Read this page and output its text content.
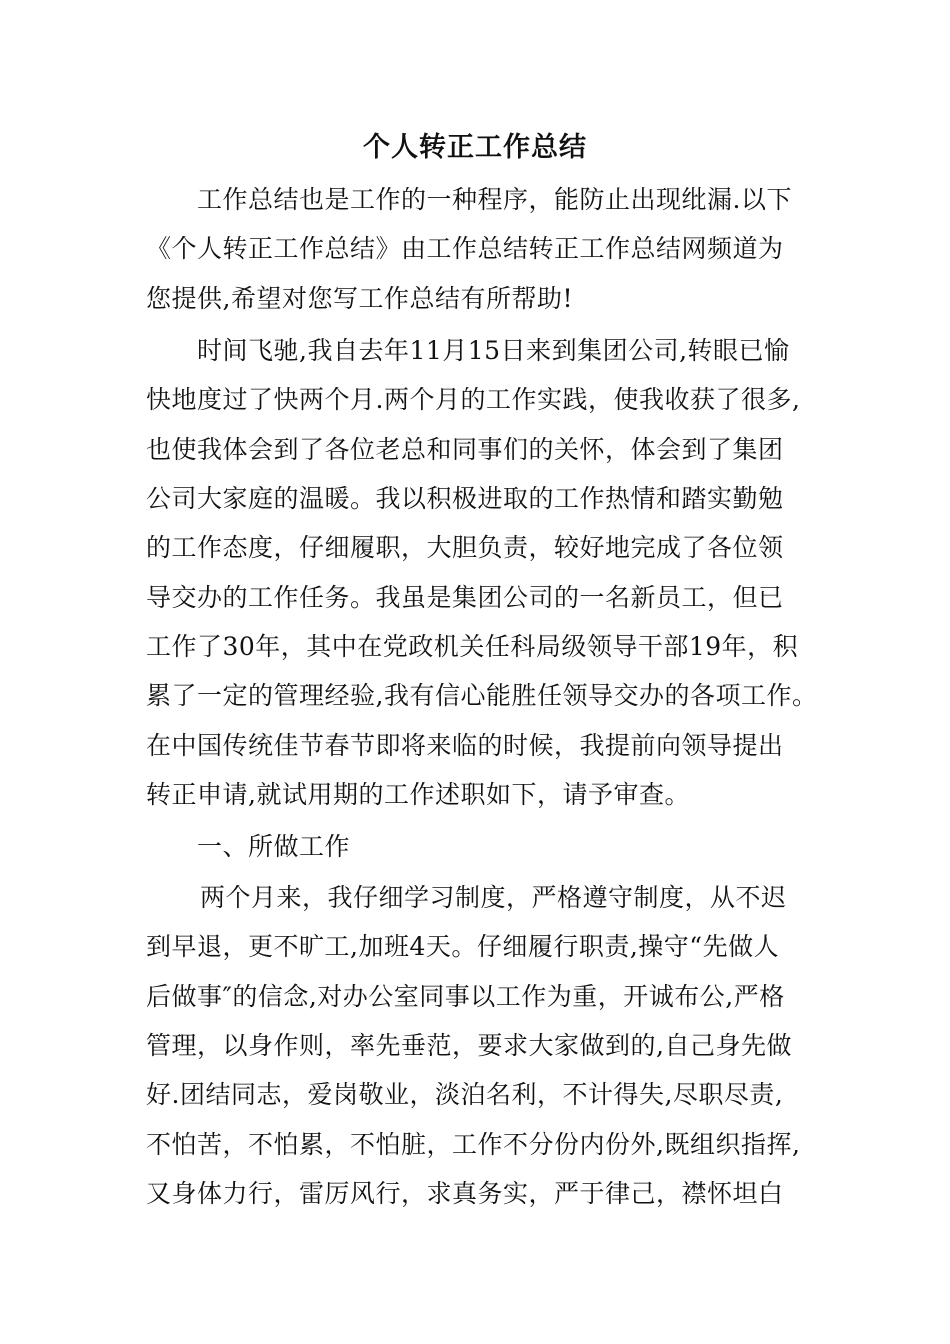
个人转正工作总结
工作总结也是工作的一种程序，能防止出现纰漏.以下
《个人转正工作总结》由工作总结转正工作总结网频道为
您提供,希望对您写工作总结有所帮助!
时间飞驰,我自去年11月15日来到集团公司,转眼已愉
快地度过了快两个月.两个月的工作实践，使我收获了很多,
也使我体会到了各位老总和同事们的关怀，体会到了集团
公司大家庭的温暖。我以积极进取的工作热情和踏实勤勉
的工作态度，仔细履职，大胆负责，较好地完成了各位领
导交办的工作任务。我虽是集团公司的一名新员工，但已
工作了30年，其中在党政机关任科局级领导干部19年，积
累了一定的管理经验,我有信心能胜任领导交办的各项工作。
在中国传统佳节春节即将来临的时候，我提前向领导提出
转正申请,就试用期的工作述职如下，请予审查。
一、所做工作
两个月来，我仔细学习制度，严格遵守制度，从不迟
到早退，更不旷工,加班4天。仔细履行职责,操守“先做人
后做事″的信念,对办公室同事以工作为重，开诚布公,严格
管理，以身作则，率先垂范，要求大家做到的,自己身先做
好.团结同志，爱岗敬业，淡泊名利，不计得失,尽职尽责,
不怕苦，不怕累，不怕脏，工作不分份内份外,既组织指挥,
又身体力行，雷厉风行，求真务实，严于律己，襟怀坦白
